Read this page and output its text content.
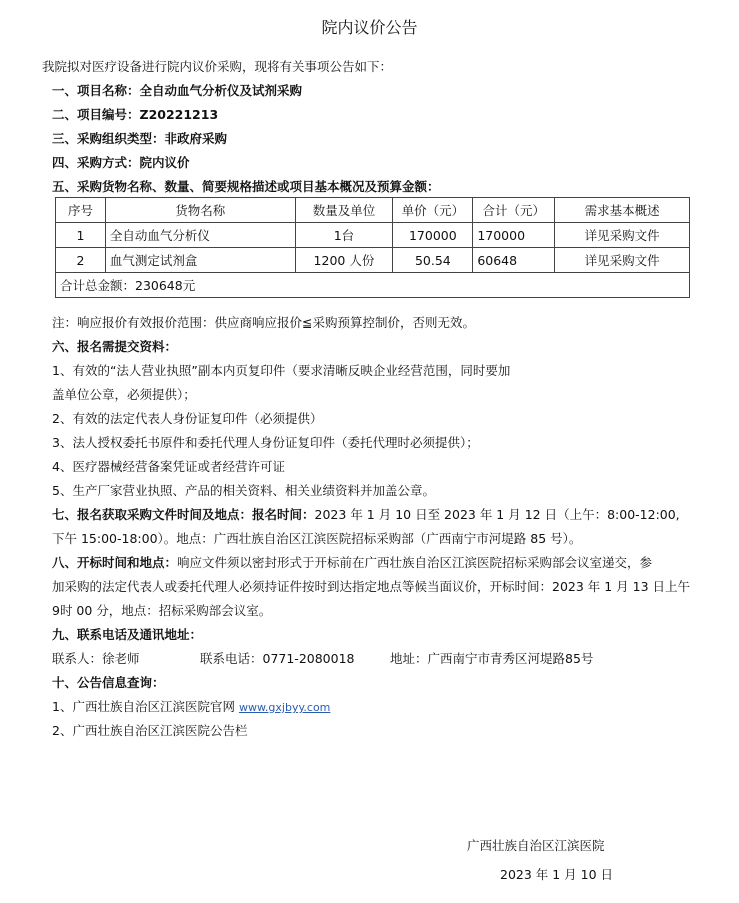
院内议价公告
我院拟对医疗设备进行院内议价采购，现将有关事项公告如下：
一、项目名称：全自动血气分析仪及试剂采购
二、项目编号：Z20221213
三、采购组织类型：非政府采购
四、采购方式：院内议价
五、采购货物名称、数量、简要规格描述或项目基本概况及预算金额：
序号	货物名称	数量及单位	单价（元）	合计（元）	需求基本概述
1	全自动血气分析仪	1台	170000	170000	详见采购文件
2	血气测定试剂盒	1200 人份	50.54	60648	详见采购文件
合计总金额：230648元					
注：响应报价有效报价范围：供应商响应报价≦采购预算控制价，否则无效。
六、报名需提交资料：
1、有效的“法人营业执照”副本内页复印件（要求清晰反映企业经营范围，同时要加
盖单位公章，必须提供）；
2、有效的法定代表人身份证复印件（必须提供）
3、法人授权委托书原件和委托代理人身份证复印件（委托代理时必须提供）；
4、医疗器械经营备案凭证或者经营许可证
5、生产厂家营业执照、产品的相关资料、相关业绩资料并加盖公章。
七、报名获取采购文件时间及地点：报名时间：2023 年 1 月 10 日至 2023 年 1 月 12 日（上午：8:00-12:00,
下午 15:00-18:00）。地点：广西壮族自治区江滨医院招标采购部（广西南宁市河堤路 85 号）。
八、开标时间和地点：响应文件须以密封形式于开标前在广西壮族自治区江滨医院招标采购部会议室递交，参
加采购的法定代表人或委托代理人必须持证件按时到达指定地点等候当面议价，开标时间：2023 年 1 月 13 日上午
9时 00 分，地点：招标采购部会议室。
九、联系电话及通讯地址：
联系人：徐老师	联系电话：0771-2080018	地址：广西南宁市青秀区河堤路85号
十、公告信息查询：
1、广西壮族自治区江滨医院官网 www.gxjbyy.com
2、广西壮族自治区江滨医院公告栏
广西壮族自治区江滨医院
2023 年 1 月 10 日
